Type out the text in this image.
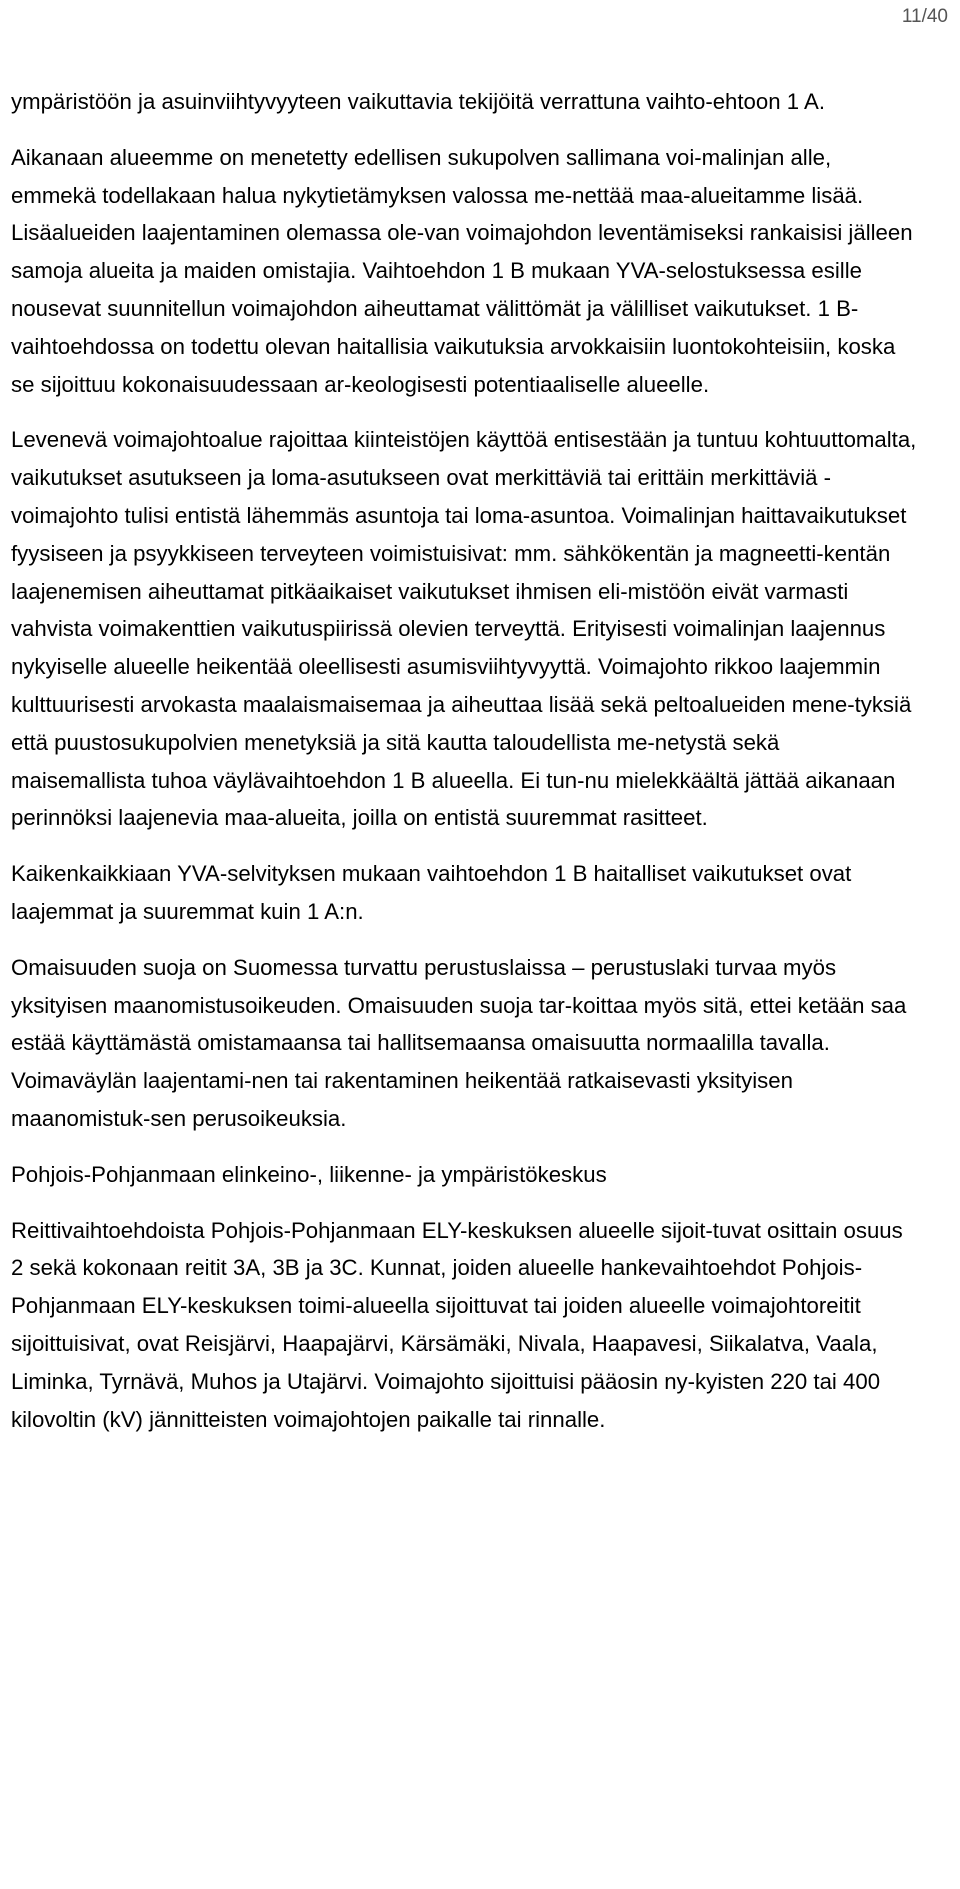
11/40

ympäristöön ja asuinviihtyvyyteen vaikuttavia tekijöitä verrattuna vaihto-ehtoon 1 A.

Aikanaan alueemme on menetetty edellisen sukupolven sallimana voi-malinjan alle, emmekä todellakaan halua nykytietämyksen valossa me-nettää maa-alueitamme lisää. Lisäalueiden laajentaminen olemassa ole-van voimajohdon leventämiseksi rankaisisi jälleen samoja alueita ja maiden omistajia. Vaihtoehdon 1 B mukaan YVA-selostuksessa esille nousevat suunnitellun voimajohdon aiheuttamat välittömät ja välilliset vaikutukset. 1 B-vaihtoehdossa on todettu olevan haitallisia vaikutuksia arvokkaisiin luontokohteisiin, koska se sijoittuu kokonaisuudessaan ar-keologisesti potentiaaliselle alueelle.

Levenevä voimajohtoalue rajoittaa kiinteistöjen käyttöä entisestään ja tuntuu kohtuuttomalta, vaikutukset asutukseen ja loma-asutukseen ovat merkittäviä tai erittäin merkittäviä - voimajohto tulisi entistä lähemmäs asuntoja tai loma-asuntoa. Voimalinjan haittavaikutukset fyysiseen ja psyykkiseen terveyteen voimistuisivat: mm. sähkökentän ja magneetti-kentän laajenemisen aiheuttamat pitkäaikaiset vaikutukset ihmisen eli-mistöön eivät varmasti vahvista voimakenttien vaikutuspiirissä olevien terveyttä. Erityisesti voimalinjan laajennus nykyiselle alueelle heikentää oleellisesti asumisviihtyvyyttä. Voimajohto rikkoo laajemmin kulttuurisesti arvokasta maalaismaisemaa ja aiheuttaa lisää sekä peltoalueiden mene-tyksiä että puustosukupolvien menetyksiä ja sitä kautta taloudellista me-netystä sekä maisemallista tuhoa väylävaihtoehdon 1 B alueella. Ei tun-nu mielekkäältä jättää aikanaan perinnöksi laajenevia maa-alueita, joilla on entistä suuremmat rasitteet.

Kaikenkaikkiaan YVA-selvityksen mukaan vaihtoehdon 1 B haitalliset vaikutukset ovat laajemmat ja suuremmat kuin 1 A:n.

Omaisuuden suoja on Suomessa turvattu perustuslaissa – perustuslaki turvaa myös yksityisen maanomistusoikeuden. Omaisuuden suoja tar-koittaa myös sitä, ettei ketään saa estää käyttämästä omistamaansa tai hallitsemaansa omaisuutta normaalilla tavalla. Voimaväylän laajentami-nen tai rakentaminen heikentää ratkaisevasti yksityisen maanomistuk-sen perusoikeuksia.

Pohjois-Pohjanmaan elinkeino-, liikenne- ja ympäristökeskus

Reittivaihtoehdoista Pohjois-Pohjanmaan ELY-keskuksen alueelle sijoit-tuvat osittain osuus 2 sekä kokonaan reitit 3A, 3B ja 3C. Kunnat, joiden alueelle hankevaihtoehdot Pohjois-Pohjanmaan ELY-keskuksen toimi-alueella sijoittuvat tai joiden alueelle voimajohtoreitit sijoittuisivat, ovat Reisjärvi, Haapajärvi, Kärsämäki, Nivala, Haapavesi, Siikalatva, Vaala, Liminka, Tyrnävä, Muhos ja Utajärvi. Voimajohto sijoittuisi pääosin ny-kyisten 220 tai 400 kilovoltin (kV) jännitteisten voimajohtojen paikalle tai rinnalle.
